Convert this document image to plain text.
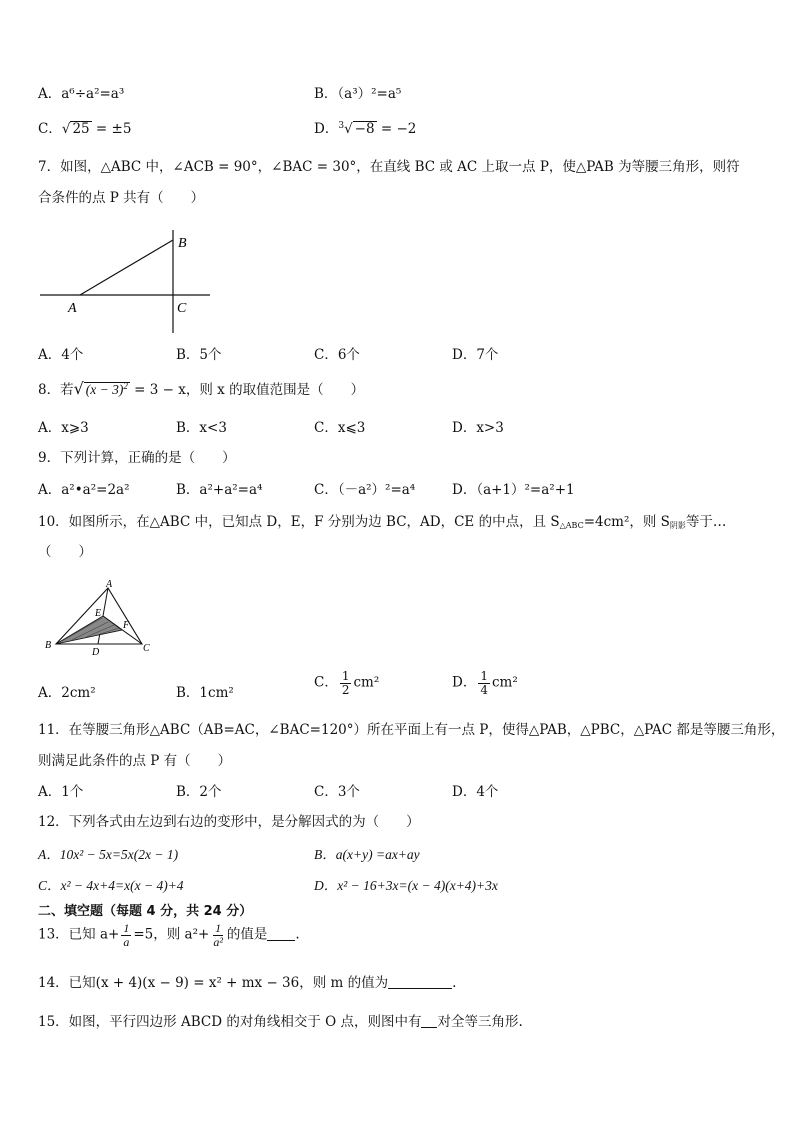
A．a⁶÷a²=a³	B．（a³）²=a⁵
C．√ 25 = ±5	D．$^3$√ −8 = −2
7．如图，△ABC 中，∠ACB = 90°，∠BAC = 30°，在直线 BC 或 AC 上取一点 P，使△PAB 为等腰三角形，则符
合条件的点 P 共有（　　）
A
B
C
A．4个	B．5个	C．6个	D．7个
8．若√ $(x - 3)^2 = 3 - x$，则 x 的取值范围是（　　）
A．x⩾3	B．x<3	C．x⩽3	D．x>3
9．下列计算，正确的是（　　）
A．a²•a²=2a²	B．a²+a²=a⁴	C．（－a²）²=a⁴	D．（a+1）²=a²+1
10．如图所示，在△ABC 中，已知点 D，E，F 分别为边 BC，AD，CE 的中点，且 $S_{\triangle ABC}=4cm^2$，则 $S_{阴影}$等于…
（　　）
A
B	C
D
E
F
A．2cm²	B．1cm²
C． $\frac{1}{2} cm^2$	D． $\frac{1}{4} cm^2$
11．在等腰三角形△ABC（AB=AC，∠BAC=120°）所在平面上有一点 P，使得△PAB，△PBC，△PAC 都是等腰三角形，
则满足此条件的点 P 有（　　）
A．1个	B．2个	C．3个	D．4个
12．下列各式由左边到右边的变形中，是分解因式的为（　　）
A．10x² − 5x=5x(2x − 1)	B．a(x+y) =ax+ay
C．x² − 4x+4=x(x − 4)+4	D．x² − 16+3x=(x − 4)(x+4)+3x
二、填空题（每题 4 分，共 24 分）
13．已知 $a+ \frac{1}{a} =5$，则 $a^2+ \frac{1}{\text{a²}}$ 的值是 .
14．已知(x + 4)(x − 9) = x² + mx − 36，则 m 的值为	.
15．如图，平行四边形 ABCD 的对角线相交于 O 点，则图中有 对全等三角形.
